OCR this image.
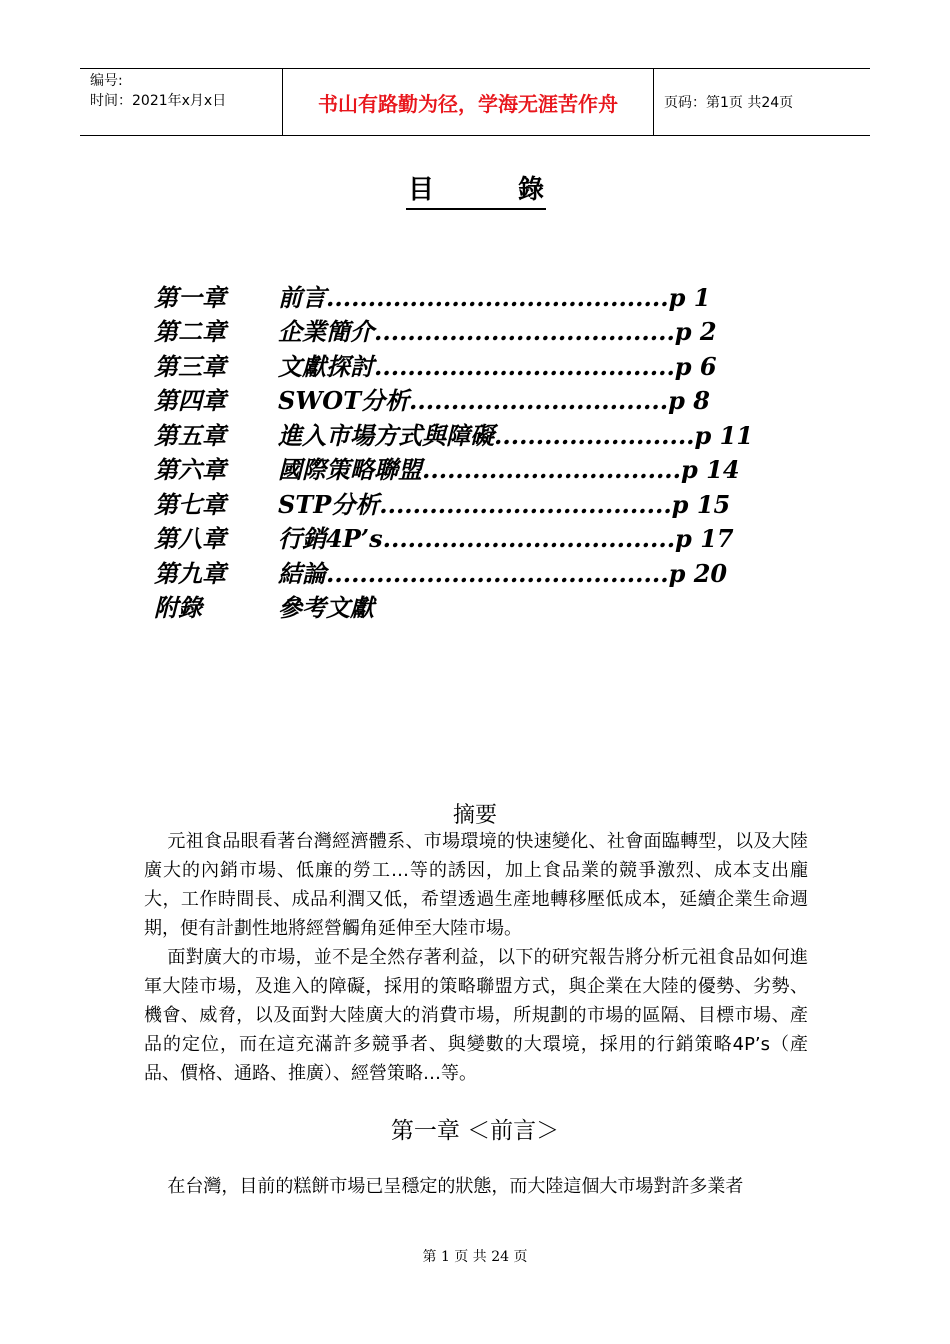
编号:
时间：2021年x月x日	书山有路勤为径，学海无涯苦作舟	页码：第1页 共24页
目	錄
第一章	前言.........................................p 1
第二章	企業簡介....................................p 2
第三章	文獻探討....................................p 6
第四章	SWOT分析...............................p 8
第五章	進入市場方式與障礙........................p 11
第六章	國際策略聯盟...............................p 14
第七章	STP分析...................................p 15
第八章	行銷4P’s...................................p 17
第九章	結論.........................................p 20
附錄	參考文獻
摘要

元祖食品眼看著台灣經濟體系、市場環境的快速變化、社會面臨轉型，以及大陸廣大的內銷市場、低廉的勞工…等的誘因，加上食品業的競爭激烈、成本支出龐大，工作時間長、成品利潤又低，希望透過生產地轉移壓低成本，延續企業生命週期，便有計劃性地將經營觸角延伸至大陸市場。

面對廣大的市場，並不是全然存著利益，以下的研究報告將分析元祖食品如何進軍大陸市場，及進入的障礙，採用的策略聯盟方式，與企業在大陸的優勢、劣勢、機會、威脅，以及面對大陸廣大的消費市場，所規劃的市場的區隔、目標市場、產品的定位，而在這充滿許多競爭者、與變數的大環境，採用的行銷策略4P’s（產品、價格、通路、推廣）、經營策略…等。

第一章 ＜前言＞

在台灣，目前的糕餅市場已呈穩定的狀態，而大陸這個大市場對許多業者

第 1 页 共 24 页
